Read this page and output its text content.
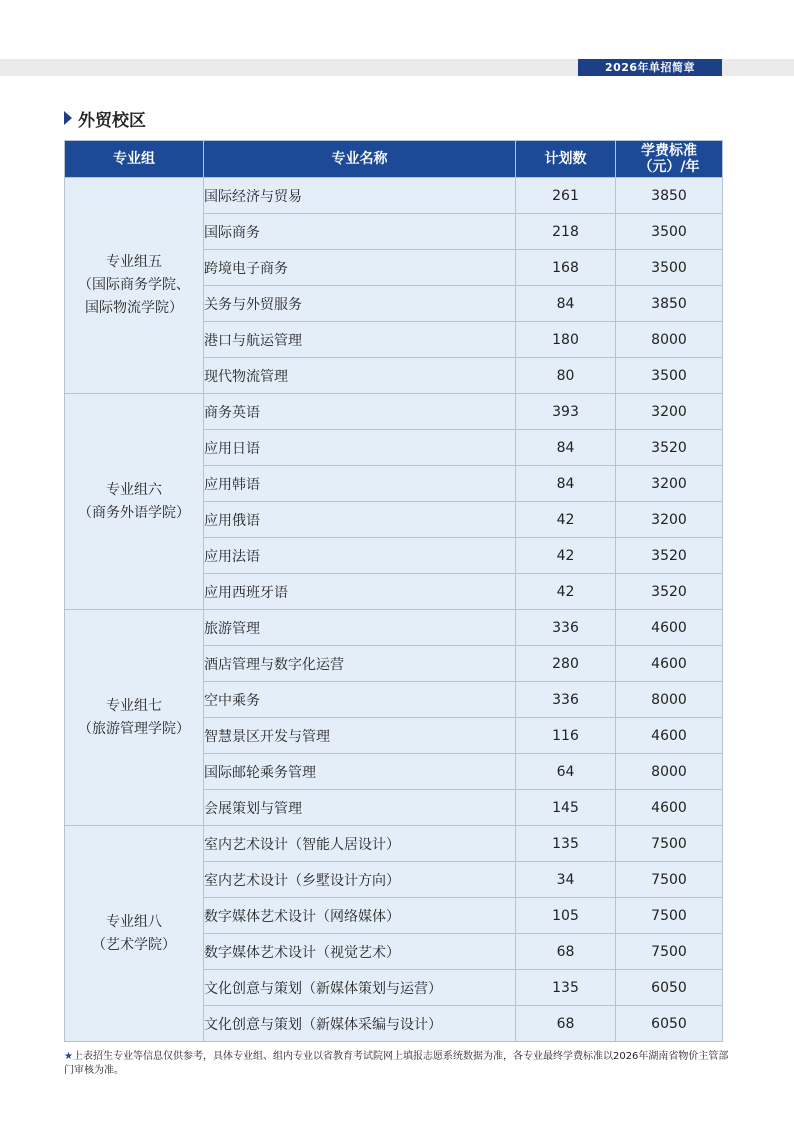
2026年单招简章
外贸校区
专业组	专业名称	计划数	学费标准
（元）/年

专业组五
（国际商务学院、
国际物流学院）	国际经济与贸易	261	3850
	国际商务	218	3500
	跨境电子商务	168	3500
	关务与外贸服务	84	3850
	港口与航运管理	180	8000
	现代物流管理	80	3500

专业组六
（商务外语学院）	商务英语	393	3200
	应用日语	84	3520
	应用韩语	84	3200
	应用俄语	42	3200
	应用法语	42	3520
	应用西班牙语	42	3520

专业组七
（旅游管理学院）	旅游管理	336	4600
	酒店管理与数字化运营	280	4600
	空中乘务	336	8000
	智慧景区开发与管理	116	4600
	国际邮轮乘务管理	64	8000
	会展策划与管理	145	4600

专业组八
（艺术学院）	室内艺术设计（智能人居设计）	135	7500
	室内艺术设计（乡墅设计方向）	34	7500
	数字媒体艺术设计（网络媒体）	105	7500
	数字媒体艺术设计（视觉艺术）	68	7500
	文化创意与策划（新媒体策划与运营）	135	6050
	文化创意与策划（新媒体采编与设计）	68	6050
★上表招生专业等信息仅供参考，具体专业组、组内专业以省教育考试院网上填报志愿系统数据为准，各专业最终学费标准以2026年湖南省物价主管部门审核为准。
